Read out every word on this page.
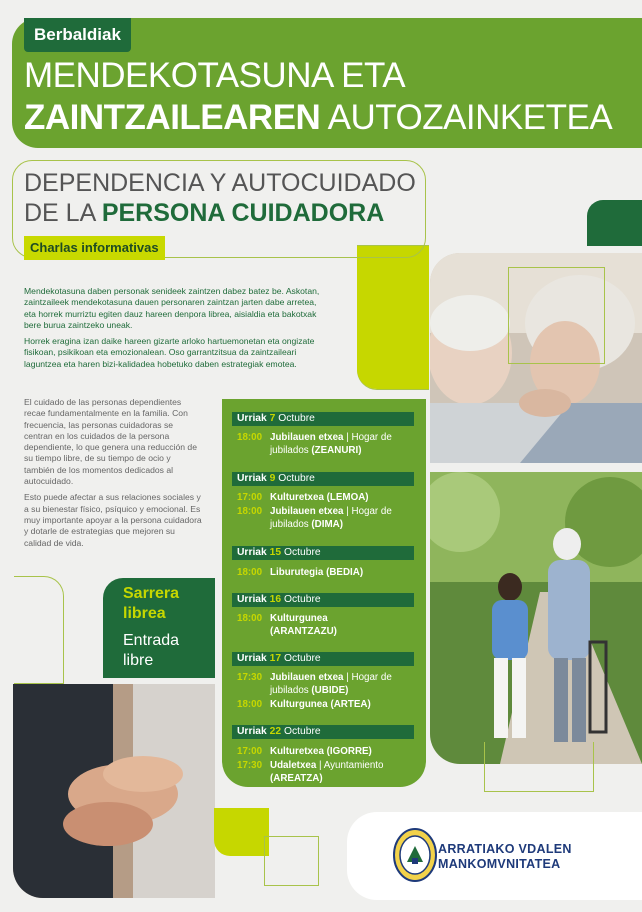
Berbaldiak
MENDEKOTASUNA ETA
ZAINTZAILEAREN AUTOZAINKETEA
DEPENDENCIA Y AUTOCUIDADO
DE LA PERSONA CUIDADORA
Charlas informativas

Mendekotasuna daben personak senideek zaintzen dabez batez be. Askotan, zaintzaileek mendekotasuna dauen personaren zaintzan jarten dabe arretea, eta horrek murriztu egiten dauz hareen denpora librea, aisialdia eta bakotxak bere burua zaintzeko uneak.

Horrek eragina izan daike hareen gizarte arloko hartuemonetan eta ongizate fisikoan, psikikoan eta emozionalean. Oso garrantzitsua da zaintzaileari laguntzea eta haren bizi-kalidadea hobetuko daben estrategiak emotea.

El cuidado de las personas dependientes recae fundamentalmente en la familia. Con frecuencia, las personas cuidadoras se centran en los cuidados de la persona dependiente, lo que genera una reducción de su tiempo libre, de su tiempo de ocio y también de los momentos dedicados al autocuidado.

Esto puede afectar a sus relaciones sociales y a su bienestar físico, psíquico y emocional. Es muy importante apoyar a la persona cuidadora y dotarle de estrategias que mejoren su calidad de vida.

Sarrera librea
Entrada libre
Urriak 7 Octubre
18:00 Jubilauen etxea | Hogar de jubilados (ZEANURI)
Urriak 9 Octubre
17:00 Kulturetxea (LEMOA)
18:00 Jubilauen etxea | Hogar de jubilados (DIMA)
Urriak 15 Octubre
18:00 Liburutegia (BEDIA)
Urriak 16 Octubre
18:00 Kulturgunea (ARANTZAZU)
Urriak 17 Octubre
17:30 Jubilauen etxea | Hogar de jubilados (UBIDE)
18:00 Kulturgunea (ARTEA)
Urriak 22 Octubre
17:00 Kulturetxea (IGORRE)
17:30 Udaletxea | Ayuntamiento (AREATZA)
ARRATIAKO VDALEN
MANKOMVNITATEA
